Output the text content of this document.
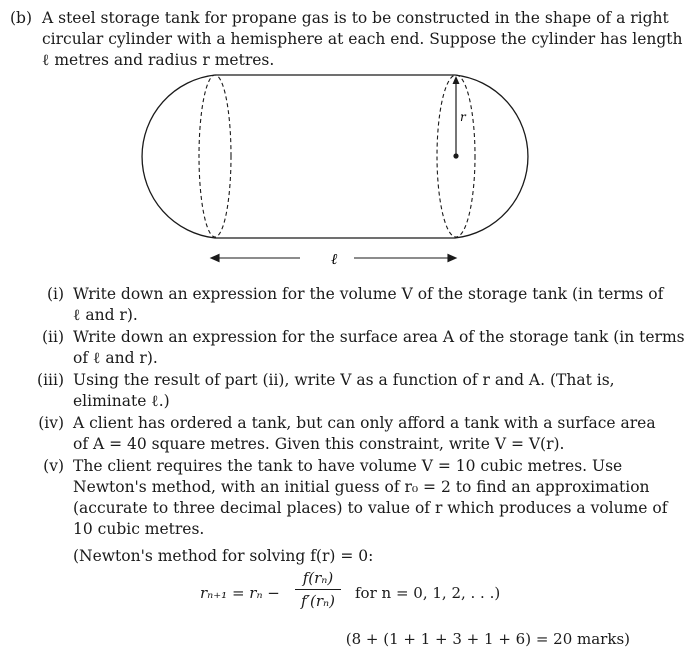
(b) A steel storage tank for propane gas is to be constructed in the shape of a right
circular cylinder with a hemisphere at each end. Suppose the cylinder has length
ℓ metres and radius r metres.
r
ℓ
(i) Write down an expression for the volume V of the storage tank (in terms of
ℓ and r).
(ii) Write down an expression for the surface area A of the storage tank (in terms
of ℓ and r).
(iii) Using the result of part (ii), write V as a function of r and A. (That is,
eliminate ℓ.)
(iv) A client has ordered a tank, but can only afford a tank with a surface area
of A = 40 square metres. Given this constraint, write V = V(r).
(v) The client requires the tank to have volume V = 10 cubic metres. Use
Newton's method, with an initial guess of r₀ = 2 to find an approximation
(accurate to three decimal places) to value of r which produces a volume of
10 cubic metres.
(Newton's method for solving f(r) = 0:
$r_{n+1} = r_n - \frac{\text{f(rₙ)}}{\text{f′(rₙ)}}$ for n = 0, 1, 2, . . .)
(8 + (1 + 1 + 3 + 1 + 6) = 20 marks)
